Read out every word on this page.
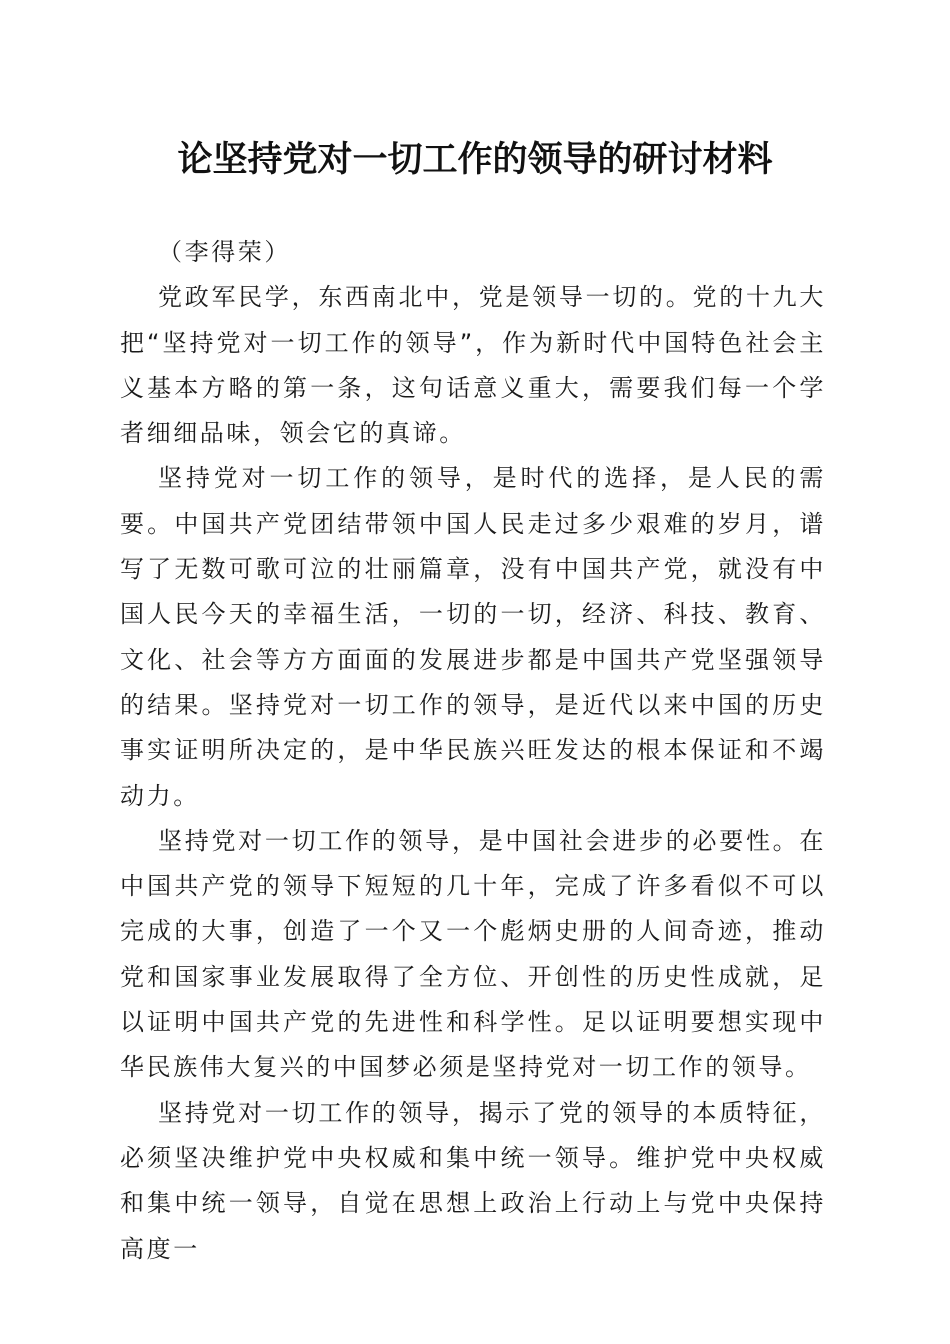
论坚持党对一切工作的领导的研讨材料

（李得荣）

党政军民学，东西南北中，党是领导一切的。党的十九大把“坚持党对一切工作的领导”，作为新时代中国特色社会主义基本方略的第一条，这句话意义重大，需要我们每一个学者细细品味，领会它的真谛。

坚持党对一切工作的领导，是时代的选择，是人民的需要。中国共产党团结带领中国人民走过多少艰难的岁月，谱写了无数可歌可泣的壮丽篇章，没有中国共产党，就没有中国人民今天的幸福生活，一切的一切，经济、科技、教育、文化、社会等方方面面的发展进步都是中国共产党坚强领导的结果。坚持党对一切工作的领导，是近代以来中国的历史事实证明所决定的，是中华民族兴旺发达的根本保证和不竭动力。

坚持党对一切工作的领导，是中国社会进步的必要性。在中国共产党的领导下短短的几十年，完成了许多看似不可以完成的大事，创造了一个又一个彪炳史册的人间奇迹，推动党和国家事业发展取得了全方位、开创性的历史性成就，足以证明中国共产党的先进性和科学性。足以证明要想实现中华民族伟大复兴的中国梦必须是坚持党对一切工作的领导。

坚持党对一切工作的领导，揭示了党的领导的本质特征，必须坚决维护党中央权威和集中统一领导。维护党中央权威和集中统一领导，自觉在思想上政治上行动上与党中央保持高度一
